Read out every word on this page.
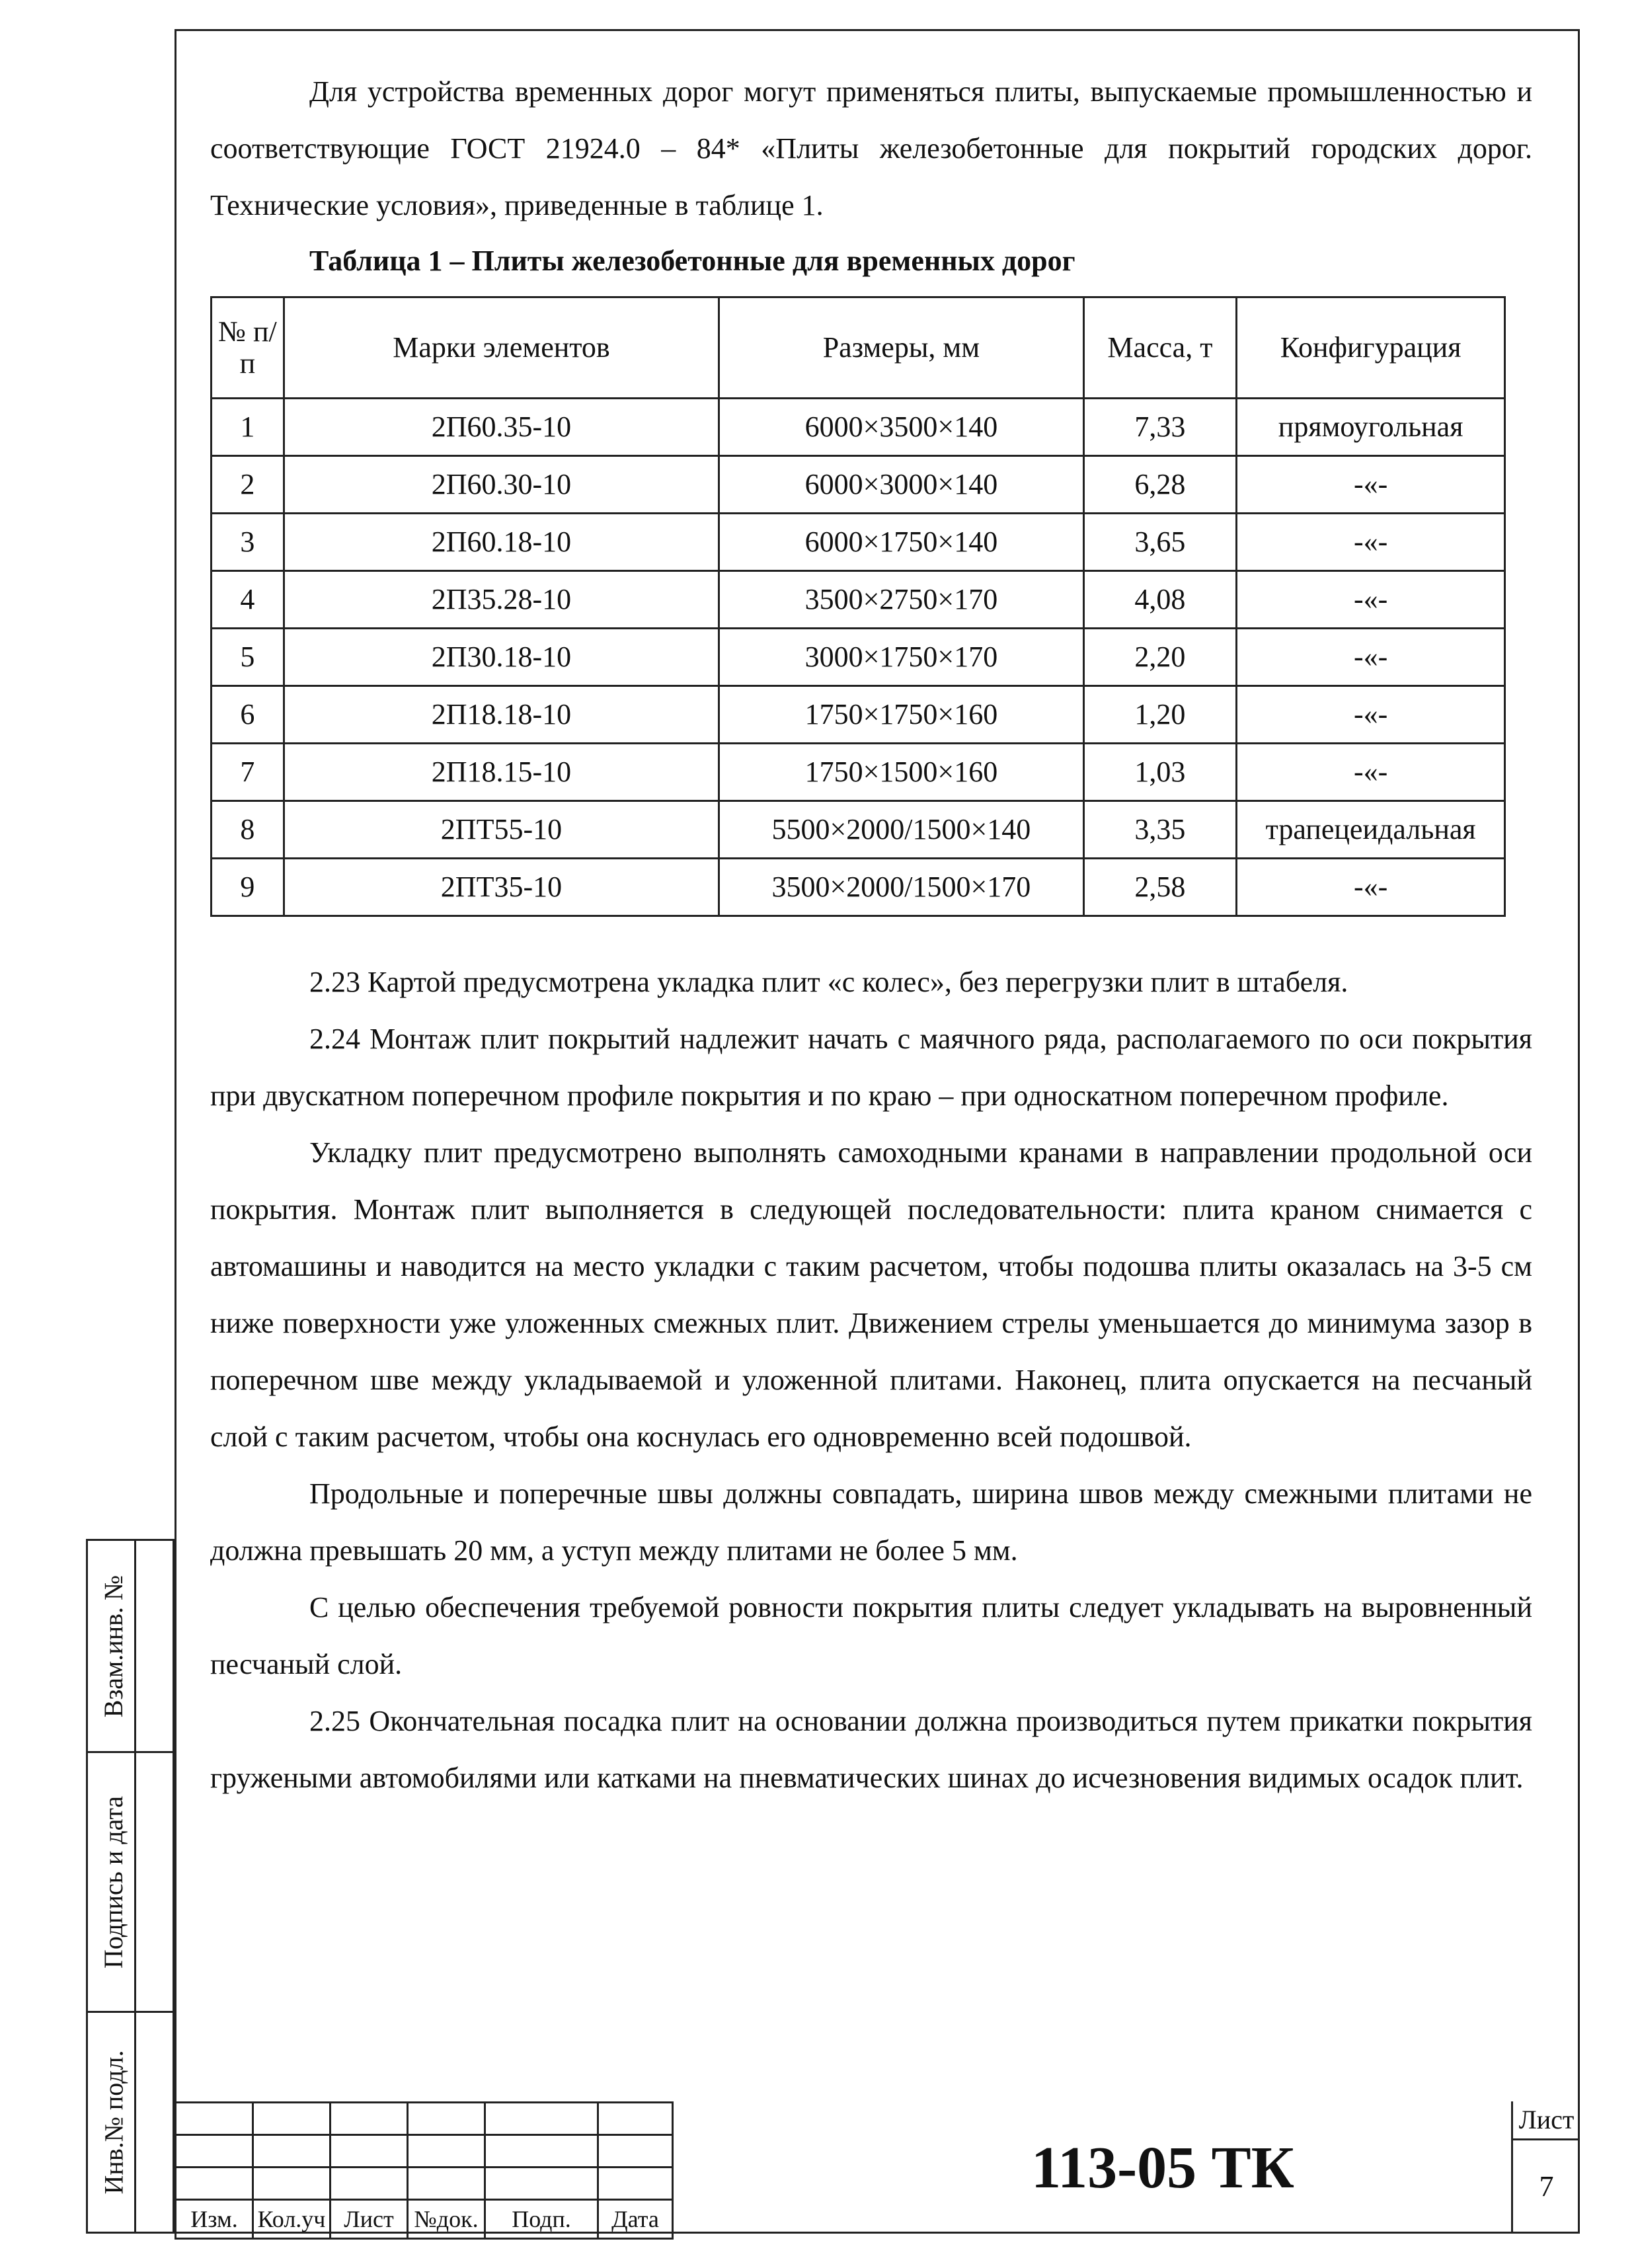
Для устройства временных дорог могут применяться плиты, выпускаемые промышленностью и соответствующие ГОСТ 21924.0 – 84* «Плиты железобетонные для покрытий городских дорог. Технические условия», приведенные в таблице 1.

Таблица 1 – Плиты железобетонные для временных дорог

№ п/п	Марки элементов	Размеры, мм	Масса, т	Конфигурация
1	2П60.35-10	6000×3500×140	7,33	прямоугольная
2	2П60.30-10	6000×3000×140	6,28	-«-
3	2П60.18-10	6000×1750×140	3,65	-«-
4	2П35.28-10	3500×2750×170	4,08	-«-
5	2П30.18-10	3000×1750×170	2,20	-«-
6	2П18.18-10	1750×1750×160	1,20	-«-
7	2П18.15-10	1750×1500×160	1,03	-«-
8	2ПТ55-10	5500×2000/1500×140	3,35	трапецеидальная
9	2ПТ35-10	3500×2000/1500×170	2,58	-«-

2.23 Картой предусмотрена укладка плит «с колес», без перегрузки плит в штабеля.

2.24 Монтаж плит покрытий надлежит начать с маячного ряда, располагаемого по оси покрытия при двускатном поперечном профиле покрытия и по краю – при односкатном поперечном профиле.

Укладку плит предусмотрено выполнять самоходными кранами в направлении продольной оси покрытия. Монтаж плит выполняется в следующей последовательности: плита краном снимается с автомашины и наводится на место укладки с таким расчетом, чтобы подошва плиты оказалась на 3-5 см ниже поверхности уже уложенных смежных плит. Движением стрелы уменьшается до минимума зазор в поперечном шве между укладываемой и уложенной плитами. Наконец, плита опускается на песчаный слой с таким расчетом, чтобы она коснулась его одновременно всей подошвой.

Продольные и поперечные швы должны совпадать, ширина швов между смежными плитами не должна превышать 20 мм, а уступ между плитами не более 5 мм.

С целью обеспечения требуемой ровности покрытия плиты следует укладывать на выровненный песчаный слой.

2.25 Окончательная посадка плит на основании должна производиться путем прикатки покрытия гружеными автомобилями или катками на пневматических шинах до исчезновения видимых осадок плит.

Взам.инв. №
Подпись и дата
Инв.№ подл.

Изм.	Кол.уч	Лист	№док.	Подп.	Дата
113-05 ТК
Лист
7
